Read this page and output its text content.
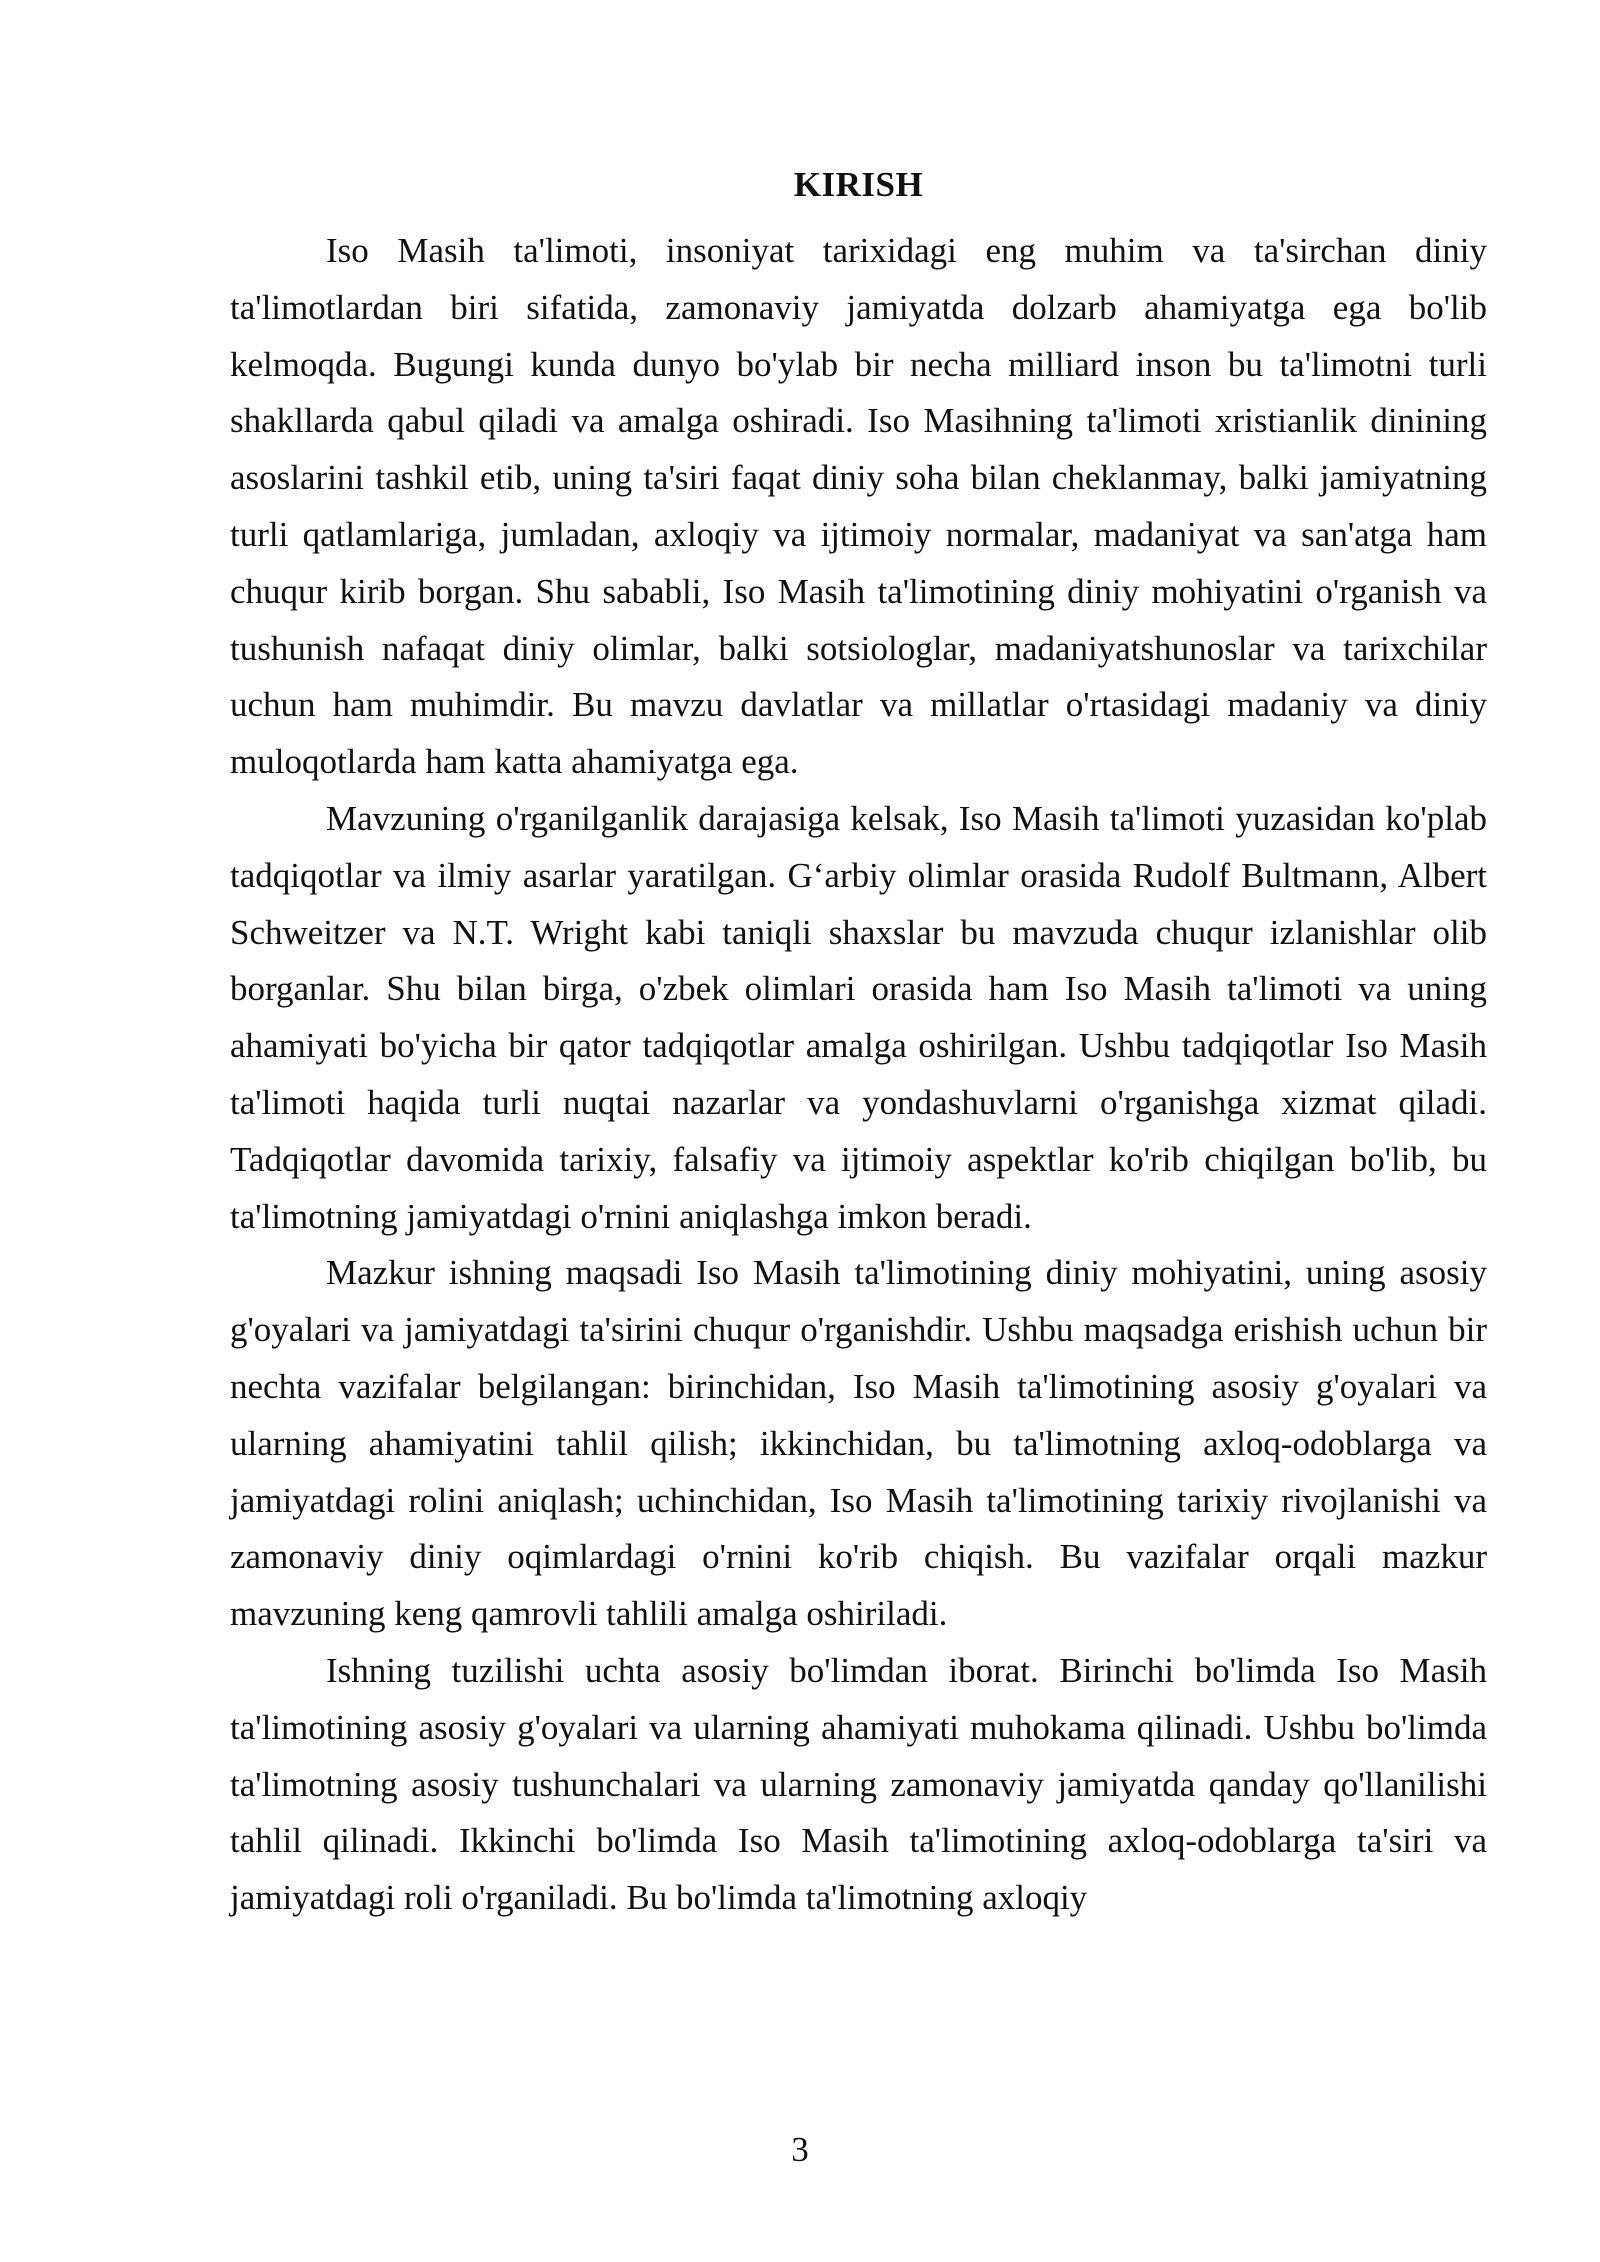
KIRISH

Iso Masih ta'limoti, insoniyat tarixidagi eng muhim va ta'sirchan diniy ta'limotlardan biri sifatida, zamonaviy jamiyatda dolzarb ahamiyatga ega bo'lib kelmoqda. Bugungi kunda dunyo bo'ylab bir necha milliard inson bu ta'limotni turli shakllarda qabul qiladi va amalga oshiradi. Iso Masihning ta'limoti xristianlik dinining asoslarini tashkil etib, uning ta'siri faqat diniy soha bilan cheklanmay, balki jamiyatning turli qatlamlariga, jumladan, axloqiy va ijtimoiy normalar, madaniyat va san'atga ham chuqur kirib borgan. Shu sababli, Iso Masih ta'limotining diniy mohiyatini o'rganish va tushunish nafaqat diniy olimlar, balki sotsiologlar, madaniyatshunoslar va tarixchilar uchun ham muhimdir. Bu mavzu davlatlar va millatlar o'rtasidagi madaniy va diniy muloqotlarda ham katta ahamiyatga ega.

Mavzuning o'rganilganlik darajasiga kelsak, Iso Masih ta'limoti yuzasidan ko'plab tadqiqotlar va ilmiy asarlar yaratilgan. G‘arbiy olimlar orasida Rudolf Bultmann, Albert Schweitzer va N.T. Wright kabi taniqli shaxslar bu mavzuda chuqur izlanishlar olib borganlar. Shu bilan birga, o'zbek olimlari orasida ham Iso Masih ta'limoti va uning ahamiyati bo'yicha bir qator tadqiqotlar amalga oshirilgan. Ushbu tadqiqotlar Iso Masih ta'limoti haqida turli nuqtai nazarlar va yondashuvlarni o'rganishga xizmat qiladi. Tadqiqotlar davomida tarixiy, falsafiy va ijtimoiy aspektlar ko'rib chiqilgan bo'lib, bu ta'limotning jamiyatdagi o'rnini aniqlashga imkon beradi.

Mazkur ishning maqsadi Iso Masih ta'limotining diniy mohiyatini, uning asosiy g'oyalari va jamiyatdagi ta'sirini chuqur o'rganishdir. Ushbu maqsadga erishish uchun bir nechta vazifalar belgilangan: birinchidan, Iso Masih ta'limotining asosiy g'oyalari va ularning ahamiyatini tahlil qilish; ikkinchidan, bu ta'limotning axloq-odoblarga va jamiyatdagi rolini aniqlash; uchinchidan, Iso Masih ta'limotining tarixiy rivojlanishi va zamonaviy diniy oqimlardagi o'rnini ko'rib chiqish. Bu vazifalar orqali mazkur mavzuning keng qamrovli tahlili amalga oshiriladi.

Ishning tuzilishi uchta asosiy bo'limdan iborat. Birinchi bo'limda Iso Masih ta'limotining asosiy g'oyalari va ularning ahamiyati muhokama qilinadi. Ushbu bo'limda ta'limotning asosiy tushunchalari va ularning zamonaviy jamiyatda qanday qo'llanilishi tahlil qilinadi. Ikkinchi bo'limda Iso Masih ta'limotining axloq-odoblarga ta'siri va jamiyatdagi roli o'rganiladi. Bu bo'limda ta'limotning axloqiy

3
